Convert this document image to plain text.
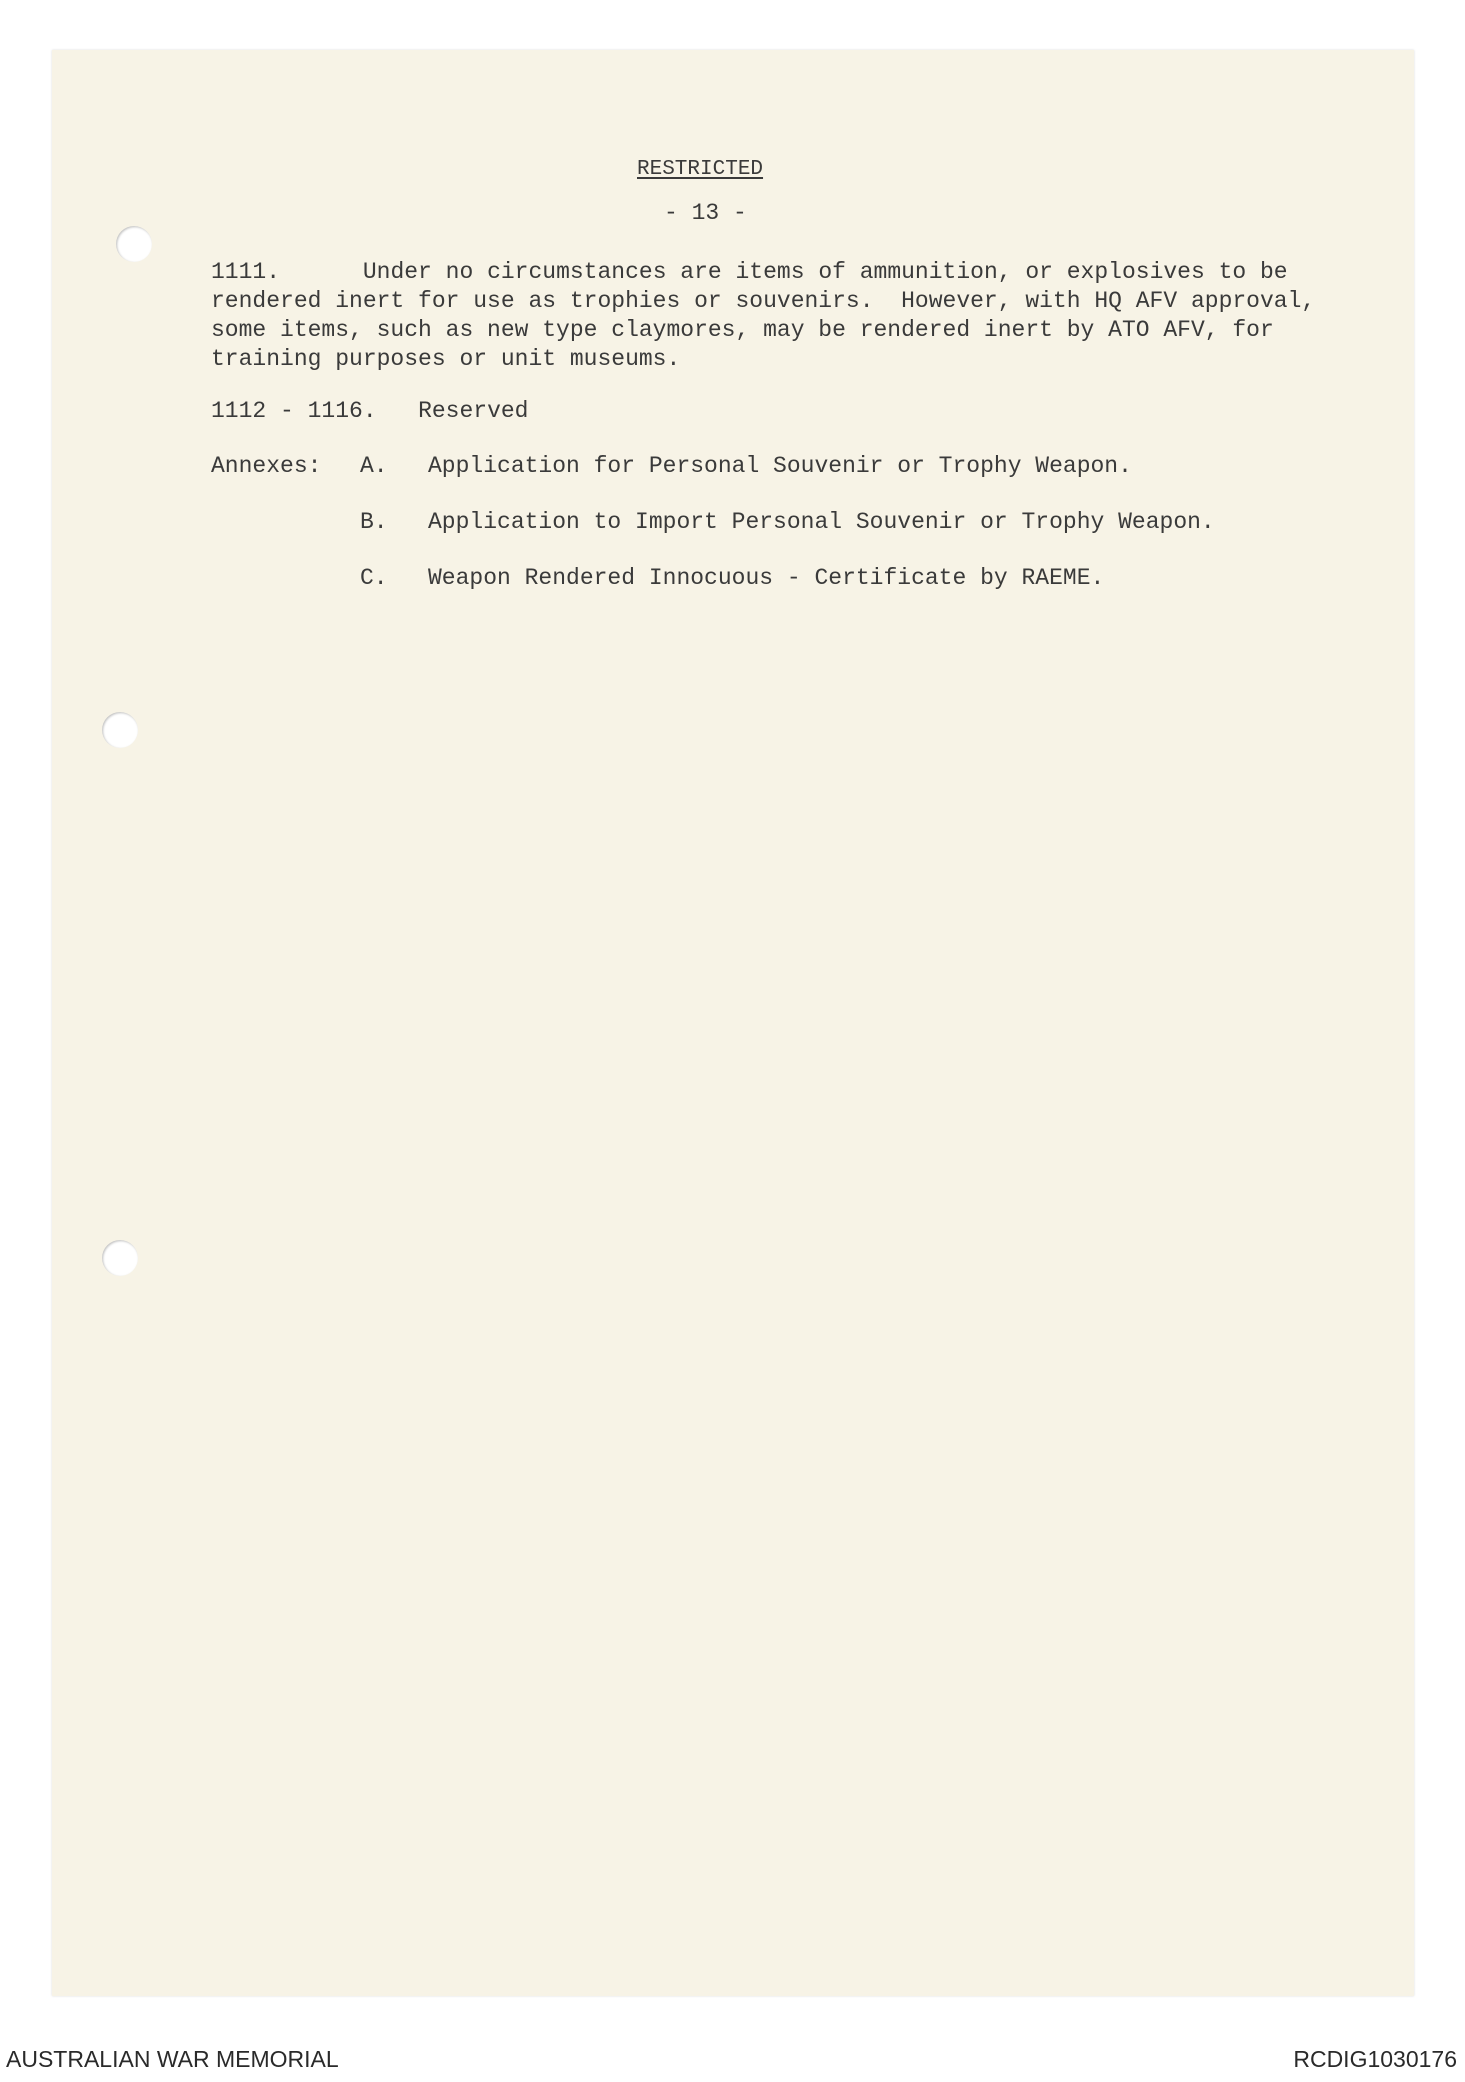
RESTRICTED
- 13 -
1111.	Under no circumstances are items of ammunition, or explosives to be
rendered inert for use as trophies or souvenirs.  However, with HQ AFV approval,
some items, such as new type claymores, may be rendered inert by ATO AFV, for
training purposes or unit museums.
1112 - 1116. Reserved
Annexes: A. Application for Personal Souvenir or Trophy Weapon.
B. Application to Import Personal Souvenir or Trophy Weapon.
C. Weapon Rendered Innocuous - Certificate by RAEME.
AUSTRALIAN WAR MEMORIAL	RCDIG1030176
